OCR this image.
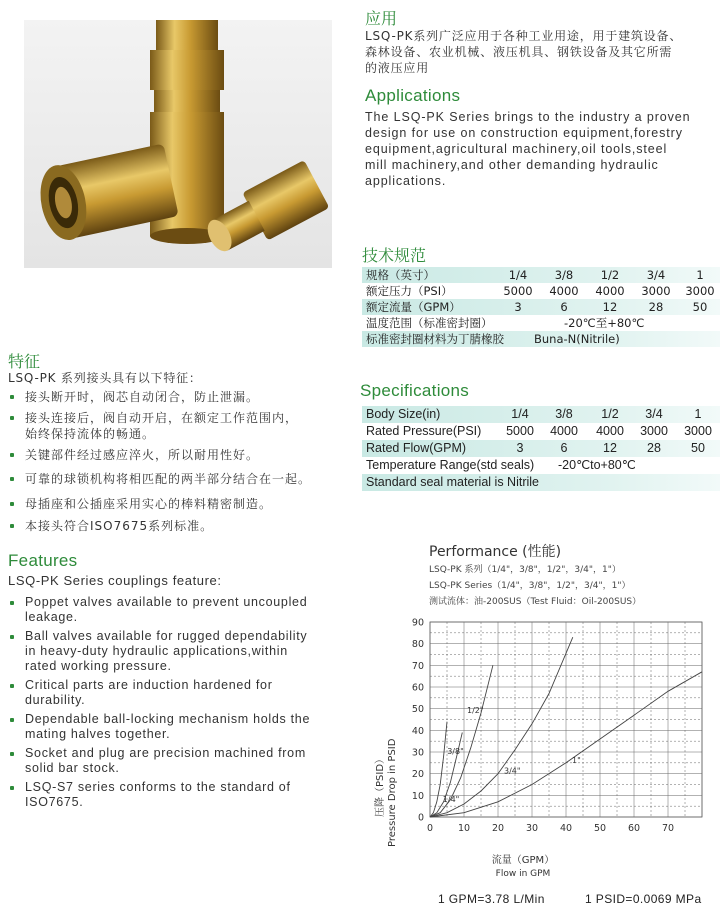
应用
LSQ-PK系列广泛应用于各种工业用途，用于建筑设备、
森林设备、农业机械、液压机具、钢铁设备及其它所需
的液压应用
Applications
The LSQ-PK Series brings to the industry a proven
design for use on construction equipment,forestry
equipment,agricultural machinery,oil tools,steel
mill machinery,and other demanding hydraulic
applications.
技术规范
规格（英寸）	1/4	3/8	1/2	3/4	1
额定压力（PSI）	5000	4000	4000	3000	3000
额定流量（GPM）	3	6	12	28	50
温度范围（标准密封圈）	-20℃至+80℃
标准密封圈材料为丁腈橡胶	Buna-N(Nitrile)
特征
LSQ-PK 系列接头具有以下特征：
接头断开时，阀芯自动闭合，防止泄漏。
接头连接后，阀自动开启，在额定工作范围内，
始终保持流体的畅通。
关键部件经过感应淬火，所以耐用性好。
可靠的球锁机构将相匹配的两半部分结合在一起。
母插座和公插座采用实心的棒料精密制造。
本接头符合ISO7675系列标准。
Specifications
Body Size(in)	1/4	3/8	1/2	3/4	1
Rated Pressure(PSI)	5000	4000	4000	3000	3000
Rated Flow(GPM)	3	6	12	28	50
Temperature Range(std seals) -20℃to+80℃
Standard seal material is Nitrile
Features
LSQ-PK Series couplings feature:
Poppet valves available to prevent uncoupled
leakage.
Ball valves available for rugged dependability
in heavy-duty hydraulic applications,within
rated working pressure.
Critical parts are induction hardened for
durability.
Dependable ball-locking mechanism holds the
mating halves together.
Socket and plug are precision machined from
solid bar stock.
LSQ-S7 series conforms to the standard of ISO7675.
Performance (性能)
LSQ-PK 系列（1/4"，3/8"，1/2"，3/4"，1"）
LSQ-PK Series（1/4"，3/8"，1/2"，3/4"，1"）
测试流体：油-200SUS（Test Fluid：Oil-200SUS）
0	10 20 30 40 50 60 70
0
10
20
30
40
50
60
70
80
90
1/4"
3/8"
1/2"
3/4"
1"
压降（PSID） Pressure Drop in PSID
流量（GPM）
Flow in GPM
1 GPM=3.78 L/Min	1 PSID=0.0069 MPa
